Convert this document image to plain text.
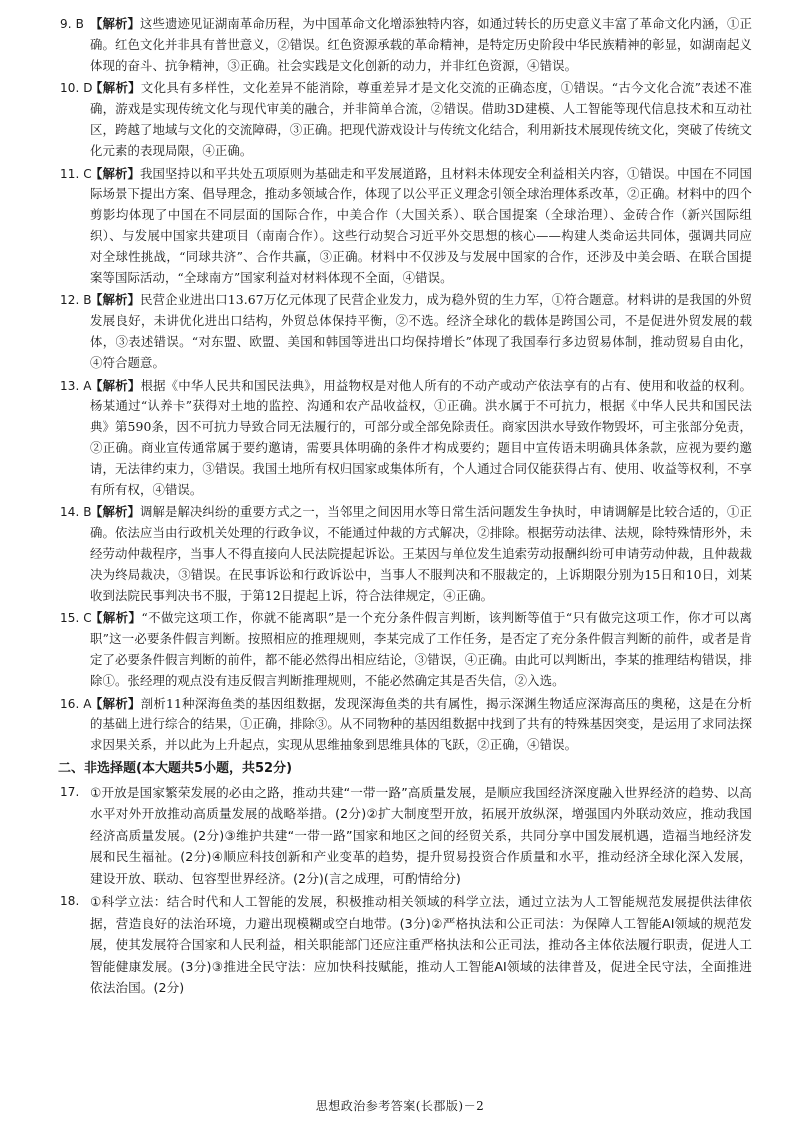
9. B 【解析】这些遗迹见证湖南革命历程，为中国革命文化增添独特内容，如通过转长的历史意义丰富了革命文化内涵，①正确。红色文化并非具有普世意义，②错误。红色资源承载的革命精神，是特定历史阶段中华民族精神的彰显，如湖南起义体现的奋斗、抗争精神，③正确。社会实践是文化创新的动力，并非红色资源，④错误。
10. D
【解析】文化具有多样性，文化差异不能消除，尊重差异才是文化交流的正确态度，①错误。“古今文化合流”表述不准确，游戏是实现传统文化与现代审美的融合，并非简单合流，②错误。借助3D建模、人工智能等现代信息技术和互动社区，跨越了地域与文化的交流障碍，③正确。把现代游戏设计与传统文化结合，利用新技术展现传统文化，突破了传统文化元素的表现局限，④正确。
11. C
【解析】我国坚持以和平共处五项原则为基础走和平发展道路，且材料未体现安全利益相关内容，①错误。中国在不同国际场景下提出方案、倡导理念，推动多领域合作，体现了以公平正义理念引领全球治理体系改革，②正确。材料中的四个剪影均体现了中国在不同层面的国际合作，中美合作（大国关系）、联合国提案（全球治理）、金砖合作（新兴国际组织）、与发展中国家共建项目（南南合作）。这些行动契合习近平外交思想的核心——构建人类命运共同体，强调共同应对全球性挑战，“同球共济”、合作共赢，③正确。材料中不仅涉及与发展中国家的合作，还涉及中美会晤、在联合国提案等国际活动，“全球南方”国家利益对材料体现不全面，④错误。
12. B
【解析】民营企业进出口13.67万亿元体现了民营企业发力，成为稳外贸的生力军，①符合题意。材料讲的是我国的外贸发展良好，未讲优化进出口结构，外贸总体保持平衡，②不选。经济全球化的载体是跨国公司，不是促进外贸发展的载体，③表述错误。“对东盟、欧盟、美国和韩国等进出口均保持增长”体现了我国奉行多边贸易体制，推动贸易自由化，④符合题意。
13. A
【解析】根据《中华人民共和国民法典》，用益物权是对他人所有的不动产或动产依法享有的占有、使用和收益的权利。杨某通过“认养卡”获得对土地的监控、沟通和农产品收益权，①正确。洪水属于不可抗力，根据《中华人民共和国民法典》第590条，因不可抗力导致合同无法履行的，可部分或全部免除责任。商家因洪水导致作物毁坏，可主张部分免责，②正确。商业宣传通常属于要约邀请，需要具体明确的条件才构成要约；题目中宣传语未明确具体条款，应视为要约邀请，无法律约束力，③错误。我国土地所有权归国家或集体所有，个人通过合同仅能获得占有、使用、收益等权利，不享有所有权，④错误。
14. B
【解析】调解是解决纠纷的重要方式之一，当邻里之间因用水等日常生活问题发生争执时，申请调解是比较合适的，①正确。依法应当由行政机关处理的行政争议，不能通过仲裁的方式解决，②排除。根据劳动法律、法规，除特殊情形外，未经劳动仲裁程序，当事人不得直接向人民法院提起诉讼。王某因与单位发生追索劳动报酬纠纷可申请劳动仲裁，且仲裁裁决为终局裁决，③错误。在民事诉讼和行政诉讼中，当事人不服判决和不服裁定的，上诉期限分别为15日和10日，刘某收到法院民事判决书不服，于第12日提起上诉，符合法律规定，④正确。
15. C
【解析】“不做完这项工作，你就不能离职”是一个充分条件假言判断，该判断等值于“只有做完这项工作，你才可以离职”这一必要条件假言判断。按照相应的推理规则，李某完成了工作任务，是否定了充分条件假言判断的前件，或者是肯定了必要条件假言判断的前件，都不能必然得出相应结论，③错误，④正确。由此可以判断出，李某的推理结构错误，排除①。张经理的观点没有违反假言判断推理规则，不能必然确定其是否失信，②入选。
16. A
【解析】剖析11种深海鱼类的基因组数据，发现深海鱼类的共有属性，揭示深渊生物适应深海高压的奥秘，这是在分析的基础上进行综合的结果，①正确，排除③。从不同物种的基因组数据中找到了共有的特殊基因突变，是运用了求同法探求因果关系，并以此为上升起点，实现从思维抽象到思维具体的飞跃，②正确，④错误。
二、非选择题(本大题共5小题，共52分)
17. ①开放是国家繁荣发展的必由之路，推动共建“一带一路”高质量发展，是顺应我国经济深度融入世界经济的趋势、以高水平对外开放推动高质量发展的战略举措。(2分)②扩大制度型开放，拓展开放纵深，增强国内外联动效应，推动我国经济高质量发展。(2分)③维护共建“一带一路”国家和地区之间的经贸关系，共同分享中国发展机遇，造福当地经济发展和民生福祉。(2分)④顺应科技创新和产业变革的趋势，提升贸易投资合作质量和水平，推动经济全球化深入发展，建设开放、联动、包容型世界经济。(2分)(言之成理，可酌情给分)
18. ①科学立法：结合时代和人工智能的发展，积极推动相关领域的科学立法，通过立法为人工智能规范发展提供法律依据，营造良好的法治环境，力避出现模糊或空白地带。(3分)②严格执法和公正司法：为保障人工智能AI领域的规范发展，使其发展符合国家和人民利益，相关职能部门还应注重严格执法和公正司法，推动各主体依法履行职责，促进人工智能健康发展。(3分)③推进全民守法：应加快科技赋能，推动人工智能AI领域的法律普及，促进全民守法，全面推进依法治国。(2分)
思想政治参考答案(长郡版)－2
